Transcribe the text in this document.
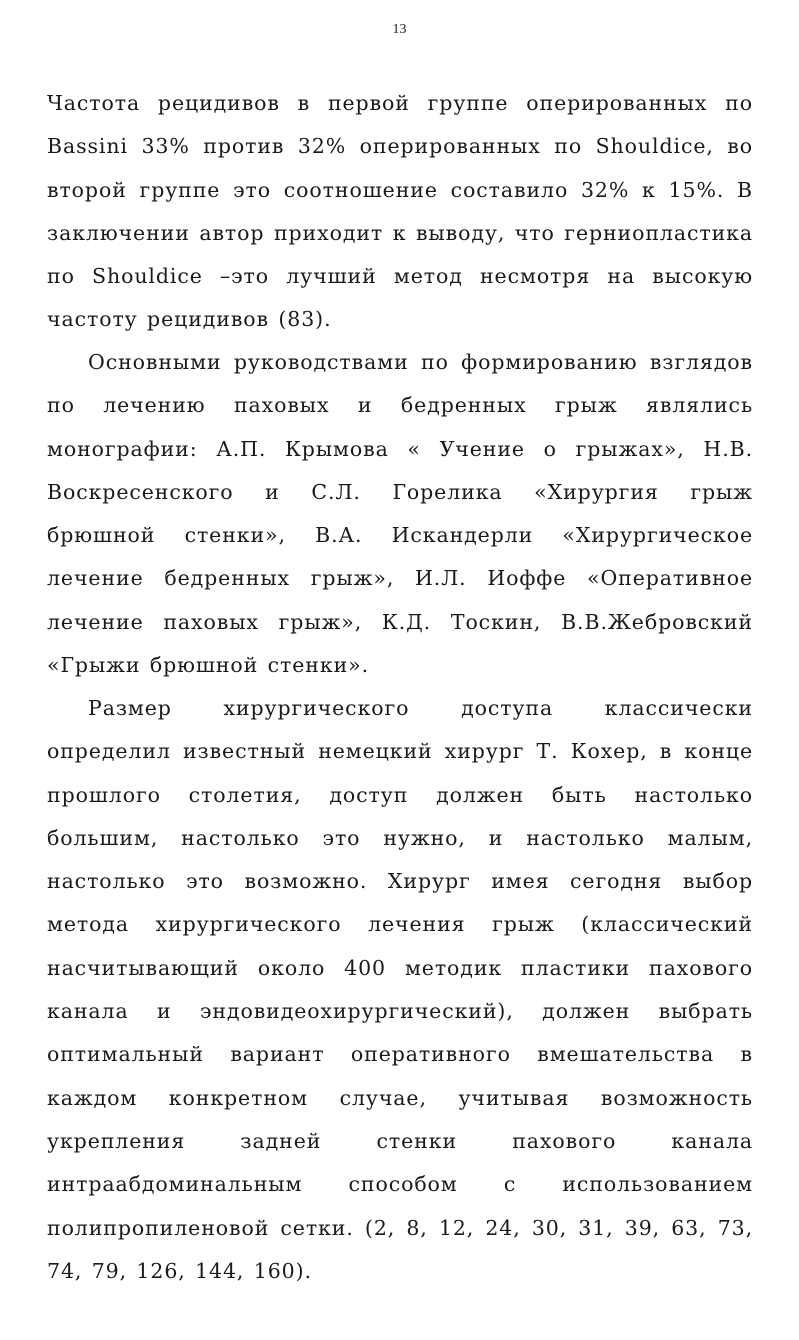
13

Частота рецидивов в первой группе оперированных по Bassini 33% против 32% оперированных по Shouldice, во второй группе это соотношение составило 32% к 15%. В заключении автор приходит к выводу, что герниопластика по Shouldice –это лучший метод несмотря на высокую частоту рецидивов (83).

Основными руководствами по формированию взглядов по лечению паховых и бедренных грыж являлись монографии: А.П. Крымова « Учение о грыжах», Н.В. Воскресенского и С.Л. Горелика «Хирургия грыж брюшной стенки», В.А. Искандерли «Хирургическое лечение бедренных грыж», И.Л. Иоффе «Оперативное лечение паховых грыж», К.Д. Тоскин, В.В.Жебровский «Грыжи брюшной стенки».

Размер хирургического доступа классически определил известный немецкий хирург Т. Кохер, в конце прошлого столетия, доступ должен быть настолько большим, настолько это нужно, и настолько малым, настолько это возможно. Хирург имея сегодня выбор метода хирургического лечения грыж (классический насчитывающий около 400 методик пластики пахового канала и эндовидеохирургический), должен выбрать оптимальный вариант оперативного вмешательства в каждом конкретном случае, учитывая возможность укрепления задней стенки пахового канала интраабдоминальным способом с использованием полипропиленовой сетки. (2, 8, 12, 24, 30, 31, 39, 63, 73, 74, 79, 126, 144, 160).
